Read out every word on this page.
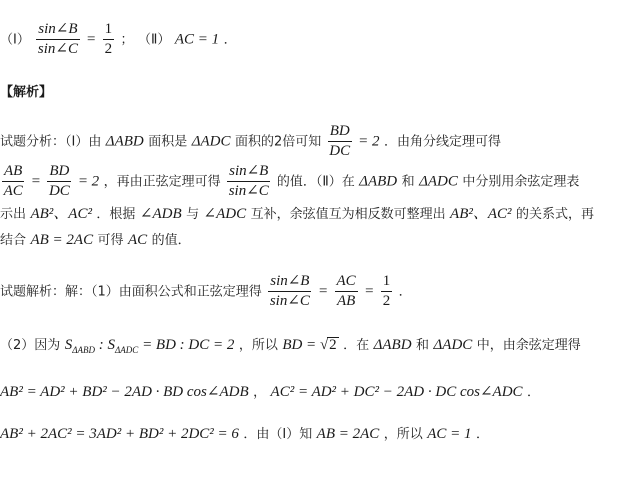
（Ⅰ） $\frac{\sin\angle B}{\sin\angle C} = \frac{1}{2}$ ； （Ⅱ） AC = 1 ．
【解析】
试题分析：（Ⅰ）由 ΔABD 面积是 ΔADC 面积的2倍可知 $\frac{BD}{DC} = 2$ ．由角分线定理可得
$\frac{AB}{AC} = \frac{BD}{DC} = 2$ ，再由正弦定理可得 $\frac{\sin\angle B}{\sin\angle C}$ 的值．（Ⅱ）在 ΔABD 和 ΔADC 中分别用余弦定理表
示出 AB²、AC² ．根据 ∠ADB 与 ∠ADC 互补，余弦值互为相反数可整理出 AB²、AC² 的关系式，再
结合 AB = 2AC 可得 AC 的值．
试题解析：解：（1）由面积公式和正弦定理得 $\frac{\sin\angle B}{\sin\angle C} = \frac{AC}{AB} = \frac{1}{2}$ ．
（2）因为 $S_{\Delta ABD}$ : $S_{\Delta ADC}$ = BD : DC = 2 ，所以 BD = √2 ．在 ΔABD 和 ΔADC 中，由余弦定理得
AB² = AD² + BD² − 2AD · BD cos∠ADB ， AC² = AD² + DC² − 2AD · DC cos∠ADC ．
AB² + 2AC² = 3AD² + BD² + 2DC² = 6 ．由（Ⅰ）知 AB = 2AC ，所以 AC = 1 ．
